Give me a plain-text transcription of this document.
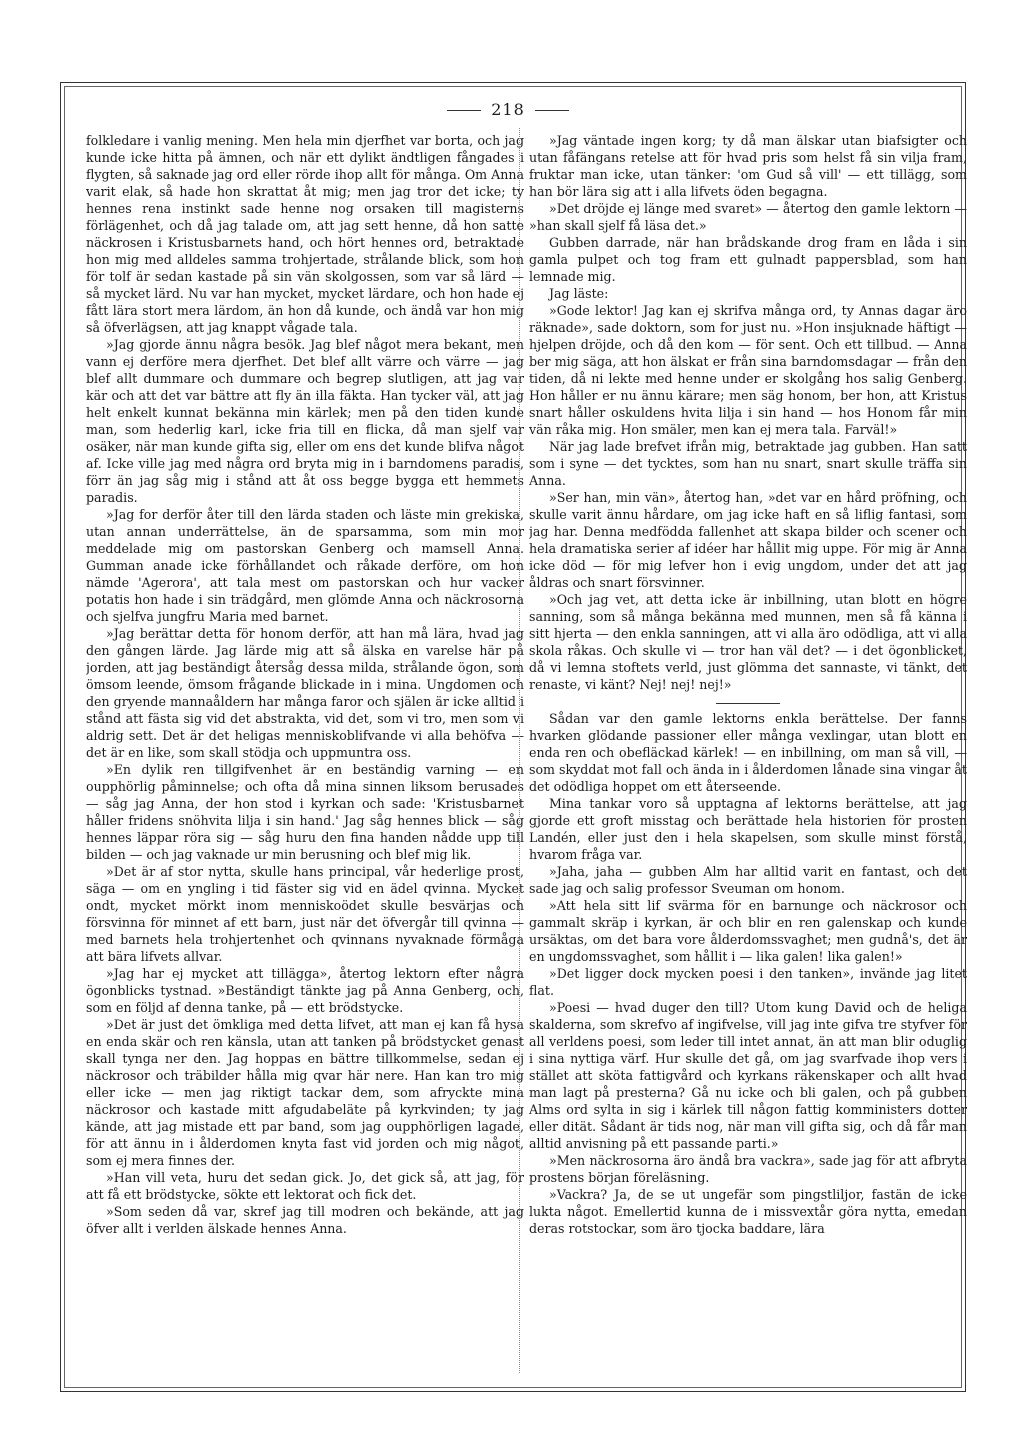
218

folkledare i vanlig mening. Men hela min djerfhet var borta, och jag kunde icke hitta på ämnen, och när ett dylikt ändtligen fångades i flygten, så saknade jag ord eller rörde ihop allt för många. Om Anna varit elak, så hade hon skrattat åt mig; men jag tror det icke; ty hennes rena instinkt sade henne nog orsaken till magisterns förlägenhet, och då jag talade om, att jag sett henne, då hon satte näckrosen i Kristusbarnets hand, och hört hennes ord, betraktade hon mig med alldeles samma trohjertade, strålande blick, som hon för tolf är sedan kastade på sin vän skolgossen, som var så lärd — så mycket lärd. Nu var han mycket, mycket lärdare, och hon hade ej fått lära stort mera lärdom, än hon då kunde, och ändå var hon mig så öfverlägsen, att jag knappt vågade tala.

»Jag gjorde ännu några besök. Jag blef något mera bekant, men vann ej derföre mera djerfhet. Det blef allt värre och värre — jag blef allt dummare och dummare och begrep slutligen, att jag var kär och att det var bättre att fly än illa fäkta. Han tycker väl, att jag helt enkelt kunnat bekänna min kärlek; men på den tiden kunde man, som hederlig karl, icke fria till en flicka, då man sjelf var osäker, när man kunde gifta sig, eller om ens det kunde blifva något af. Icke ville jag med några ord bryta mig in i barndomens paradis, förr än jag såg mig i stånd att åt oss begge bygga ett hemmets paradis.

»Jag for derför åter till den lärda staden och läste min grekiska, utan annan underrättelse, än de sparsamma, som min mor meddelade mig om pastorskan Genberg och mamsell Anna. Gumman anade icke förhållandet och råkade derföre, om hon nämde 'Agerora', att tala mest om pastorskan och hur vacker potatis hon hade i sin trädgård, men glömde Anna och näckrosorna och sjelfva jungfru Maria med barnet.

»Jag berättar detta för honom derför, att han må lära, hvad jag den gången lärde. Jag lärde mig att så älska en varelse här på jorden, att jag beständigt återsåg dessa milda, strålande ögon, som ömsom leende, ömsom frågande blickade in i mina. Ungdomen och den gryende mannaåldern har många faror och själen är icke alltid i stånd att fästa sig vid det abstrakta, vid det, som vi tro, men som vi aldrig sett. Det är det heligas menniskoblifvande vi alla behöfva — det är en like, som skall stödja och uppmuntra oss.

»En dylik ren tillgifvenhet är en beständig varning — en oupphörlig påminnelse; och ofta då mina sinnen liksom berusades — såg jag Anna, der hon stod i kyrkan och sade: 'Kristusbarnet håller fridens snöhvita lilja i sin hand.' Jag såg hennes blick — såg hennes läppar röra sig — såg huru den fina handen nådde upp till bilden — och jag vaknade ur min berusning och blef mig lik.

»Det är af stor nytta, skulle hans principal, vår hederlige prost, säga — om en yngling i tid fäster sig vid en ädel qvinna. Mycket ondt, mycket mörkt inom menniskoödet skulle besvärjas och försvinna för minnet af ett barn, just när det öfvergår till qvinna — med barnets hela trohjertenhet och qvinnans nyvaknade förmåga att bära lifvets allvar.

»Jag har ej mycket att tillägga», återtog lektorn efter några ögonblicks tystnad. »Beständigt tänkte jag på Anna Genberg, och, som en följd af denna tanke, på — ett brödstycke.

»Det är just det ömkliga med detta lifvet, att man ej kan få hysa en enda skär och ren känsla, utan att tanken på brödstycket genast skall tynga ner den. Jag hoppas en bättre tillkommelse, sedan ej näckrosor och träbilder hålla mig qvar här nere. Han kan tro mig eller icke — men jag riktigt tackar dem, som afryckte mina näckrosor och kastade mitt afgudabeläte på kyrkvinden; ty jag kände, att jag mistade ett par band, som jag oupphörligen lagade, för att ännu in i ålderdomen knyta fast vid jorden och mig något, som ej mera finnes der.

»Han vill veta, huru det sedan gick. Jo, det gick så, att jag, för att få ett brödstycke, sökte ett lektorat och fick det.

»Som seden då var, skref jag till modren och bekände, att jag öfver allt i verlden älskade hennes Anna.

»Jag väntade ingen korg; ty då man älskar utan biafsigter och utan fåfängans retelse att för hvad pris som helst få sin vilja fram, fruktar man icke, utan tänker: 'om Gud så vill' — ett tillägg, som han bör lära sig att i alla lifvets öden begagna.

»Det dröjde ej länge med svaret» — återtog den gamle lektorn — »han skall sjelf få läsa det.»

Gubben darrade, när han brådskande drog fram en låda i sin gamla pulpet och tog fram ett gulnadt pappersblad, som han lemnade mig.

Jag läste:

»Gode lektor! Jag kan ej skrifva många ord, ty Annas dagar äro räknade», sade doktorn, som for just nu. »Hon insjuknade häftigt — hjelpen dröjde, och då den kom — för sent. Och ett tillbud. — Anna ber mig säga, att hon älskat er från sina barndomsdagar — från den tiden, då ni lekte med henne under er skolgång hos salig Genberg. Hon håller er nu ännu kärare; men säg honom, ber hon, att Kristus snart håller oskuldens hvita lilja i sin hand — hos Honom får min vän råka mig. Hon smäler, men kan ej mera tala. Farväl!»

När jag lade brefvet ifrån mig, betraktade jag gubben. Han satt som i syne — det tycktes, som han nu snart, snart skulle träffa sin Anna.

»Ser han, min vän», återtog han, »det var en hård pröfning, och skulle varit ännu hårdare, om jag icke haft en så liflig fantasi, som jag har. Denna medfödda fallenhet att skapa bilder och scener och hela dramatiska serier af idéer har hållit mig uppe. För mig är Anna icke död — för mig lefver hon i evig ungdom, under det att jag åldras och snart försvinner.

»Och jag vet, att detta icke är inbillning, utan blott en högre sanning, som så många bekänna med munnen, men så få känna i sitt hjerta — den enkla sanningen, att vi alla äro odödliga, att vi alla skola råkas. Och skulle vi — tror han väl det? — i det ögonblicket, då vi lemna stoftets verld, just glömma det sannaste, vi tänkt, det renaste, vi känt? Nej! nej! nej!»

Sådan var den gamle lektorns enkla berättelse. Der fanns hvarken glödande passioner eller många vexlingar, utan blott en enda ren och obefläckad kärlek! — en inbillning, om man så vill, — som skyddat mot fall och ända in i ålderdomen lånade sina vingar åt det odödliga hoppet om ett återseende.

Mina tankar voro så upptagna af lektorns berättelse, att jag gjorde ett groft misstag och berättade hela historien för prosten Landén, eller just den i hela skapelsen, som skulle minst förstå, hvarom fråga var.

»Jaha, jaha — gubben Alm har alltid varit en fantast, och det sade jag och salig professor Sveuman om honom.

»Att hela sitt lif svärma för en barnunge och näckrosor och gammalt skräp i kyrkan, är och blir en ren galenskap och kunde ursäktas, om det bara vore ålderdomssvaghet; men gudnå's, det är en ungdomssvaghet, som hållit i — lika galen! lika galen!»

»Det ligger dock mycken poesi i den tanken», invände jag litet flat.

»Poesi — hvad duger den till? Utom kung David och de heliga skalderna, som skrefvo af ingifvelse, vill jag inte gifva tre styfver för all verldens poesi, som leder till intet annat, än att man blir oduglig i sina nyttiga värf. Hur skulle det gå, om jag svarfvade ihop vers i stället att sköta fattigvård och kyrkans räkenskaper och allt hvad man lagt på presterna? Gå nu icke och bli galen, och på gubben Alms ord sylta in sig i kärlek till någon fattig komministers dotter eller dität. Sådant är tids nog, när man vill gifta sig, och då får man alltid anvisning på ett passande parti.»

»Men näckrosorna äro ändå bra vackra», sade jag för att afbryta prostens början föreläsning.

»Vackra? Ja, de se ut ungefär som pingstliljor, fastän de icke lukta något. Emellertid kunna de i missvextår göra nytta, emedan deras rotstockar, som äro tjocka baddare, lära
